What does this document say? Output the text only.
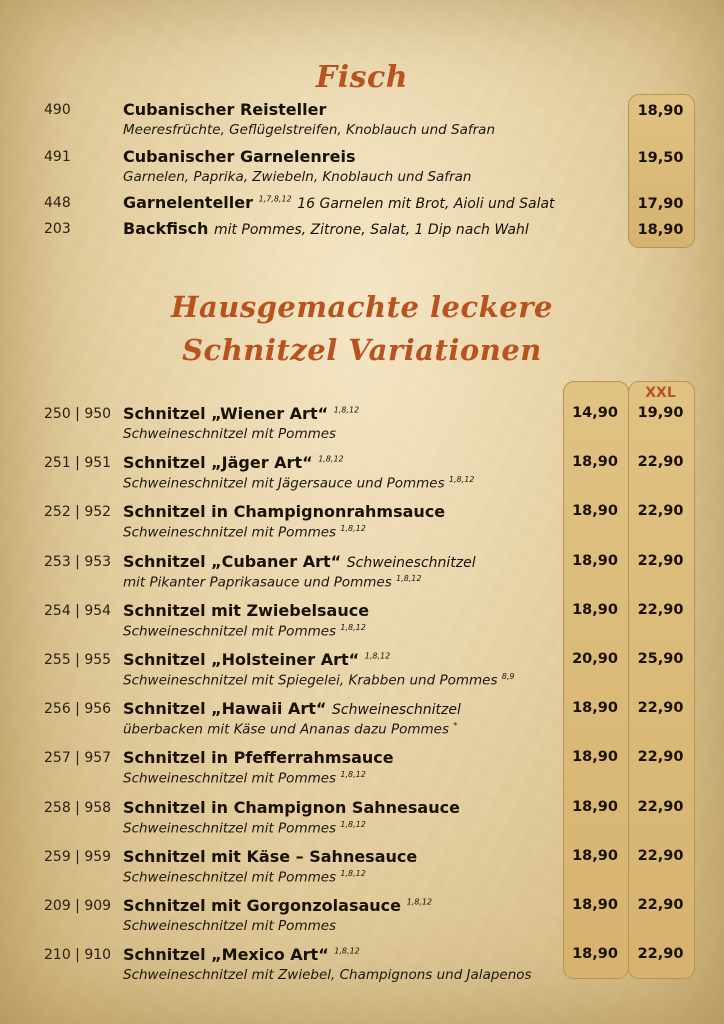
Fisch
490	Cubanischer Reisteller
Meeresfrüchte, Geflügelstreifen, Knoblauch und Safran
18,90
491	Cubanischer Garnelenreis
Garnelen, Paprika, Zwiebeln, Knoblauch und Safran
19,50
448	Garnelenteller $^{1,7,8,12}$ 16 Garnelen mit Brot, Aioli und Salat	17,90
203	Backfisch mit Pommes, Zitrone, Salat, 1 Dip nach Wahl	18,90
Hausgemachte leckere
Schnitzel Variationen
XXL
250 | 950 Schnitzel „Wiener Art“ $^{1,8,12}$
Schweineschnitzel mit Pommes
14,90	19,90
251 | 951 Schnitzel „Jäger Art“ $^{1,8,12}$
Schweineschnitzel mit Jägersauce und Pommes $^{1,8,12}$
18,90	22,90
252 | 952 Schnitzel in Champignonrahmsauce
Schweineschnitzel mit Pommes $^{1,8,12}$
18,90	22,90
253 | 953 Schnitzel „Cubaner Art“ Schweineschnitzel
mit Pikanter Paprikasauce und Pommes $^{1,8,12}$
18,90	22,90
254 | 954 Schnitzel mit Zwiebelsauce
Schweineschnitzel mit Pommes $^{1,8,12}$
18,90	22,90
255 | 955 Schnitzel „Holsteiner Art“ $^{1,8,12}$
Schweineschnitzel mit Spiegelei, Krabben und Pommes $^{8,9}$
20,90	25,90
256 | 956 Schnitzel „Hawaii Art“ Schweineschnitzel
überbacken mit Käse und Ananas dazu Pommes *
18,90	22,90
257 | 957 Schnitzel in Pfefferrahmsauce
Schweineschnitzel mit Pommes $^{1,8,12}$
18,90	22,90
258 | 958 Schnitzel in Champignon Sahnesauce
Schweineschnitzel mit Pommes $^{1,8,12}$
18,90	22,90
259 | 959 Schnitzel mit Käse – Sahnesauce
Schweineschnitzel mit Pommes $^{1,8,12}$
18,90	22,90
209 | 909 Schnitzel mit Gorgonzolasauce $^{1,8,12}$
Schweineschnitzel mit Pommes
18,90	22,90
210 | 910 Schnitzel „Mexico Art“ $^{1,8,12}$
Schweineschnitzel mit Zwiebel, Champignons und Jalapenos
18,90	22,90
